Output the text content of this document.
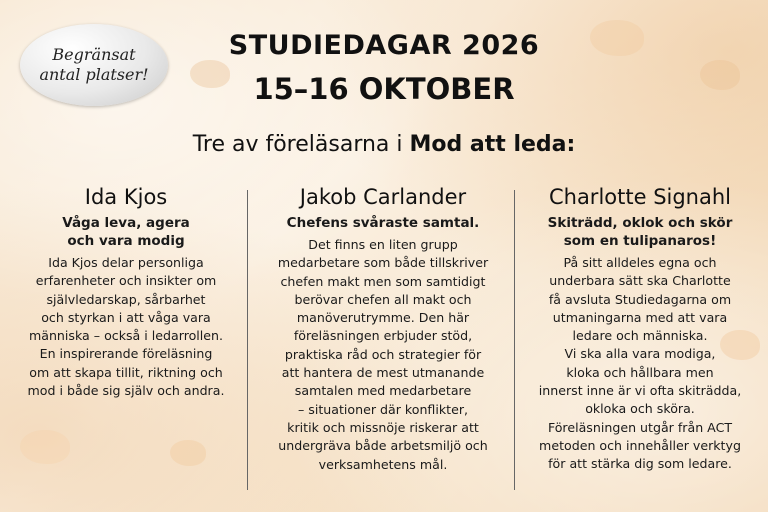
Begränsat
antal platser!
STUDIEDAGAR 2026
15–16 OKTOBER
Tre av föreläsarna i Mod att leda:
Ida Kjos
Våga leva, agera
och vara modig
Ida Kjos delar personliga
erfarenheter och insikter om
självledarskap, sårbarhet
och styrkan i att våga vara
människa – också i ledarrollen.
En inspirerande föreläsning
om att skapa tillit, riktning och
mod i både sig själv och andra.
Jakob Carlander
Chefens svåraste samtal.
Det finns en liten grupp
medarbetare som både tillskriver
chefen makt men som samtidigt
berövar chefen all makt och
manöverutrymme. Den här
föreläsningen erbjuder stöd,
praktiska råd och strategier för
att hantera de mest utmanande
samtalen med medarbetare
– situationer där konflikter,
kritik och missnöje riskerar att
undergräva både arbetsmiljö och
verksamhetens mål.
Charlotte Signahl
Skiträdd, oklok och skör
som en tulipanaros!
På sitt alldeles egna och
underbara sätt ska Charlotte
få avsluta Studiedagarna om
utmaningarna med att vara
ledare och människa.
Vi ska alla vara modiga,
kloka och hållbara men
innerst inne är vi ofta skiträdda,
okloka och sköra.
Föreläsningen utgår från ACT
metoden och innehåller verktyg
för att stärka dig som ledare.
